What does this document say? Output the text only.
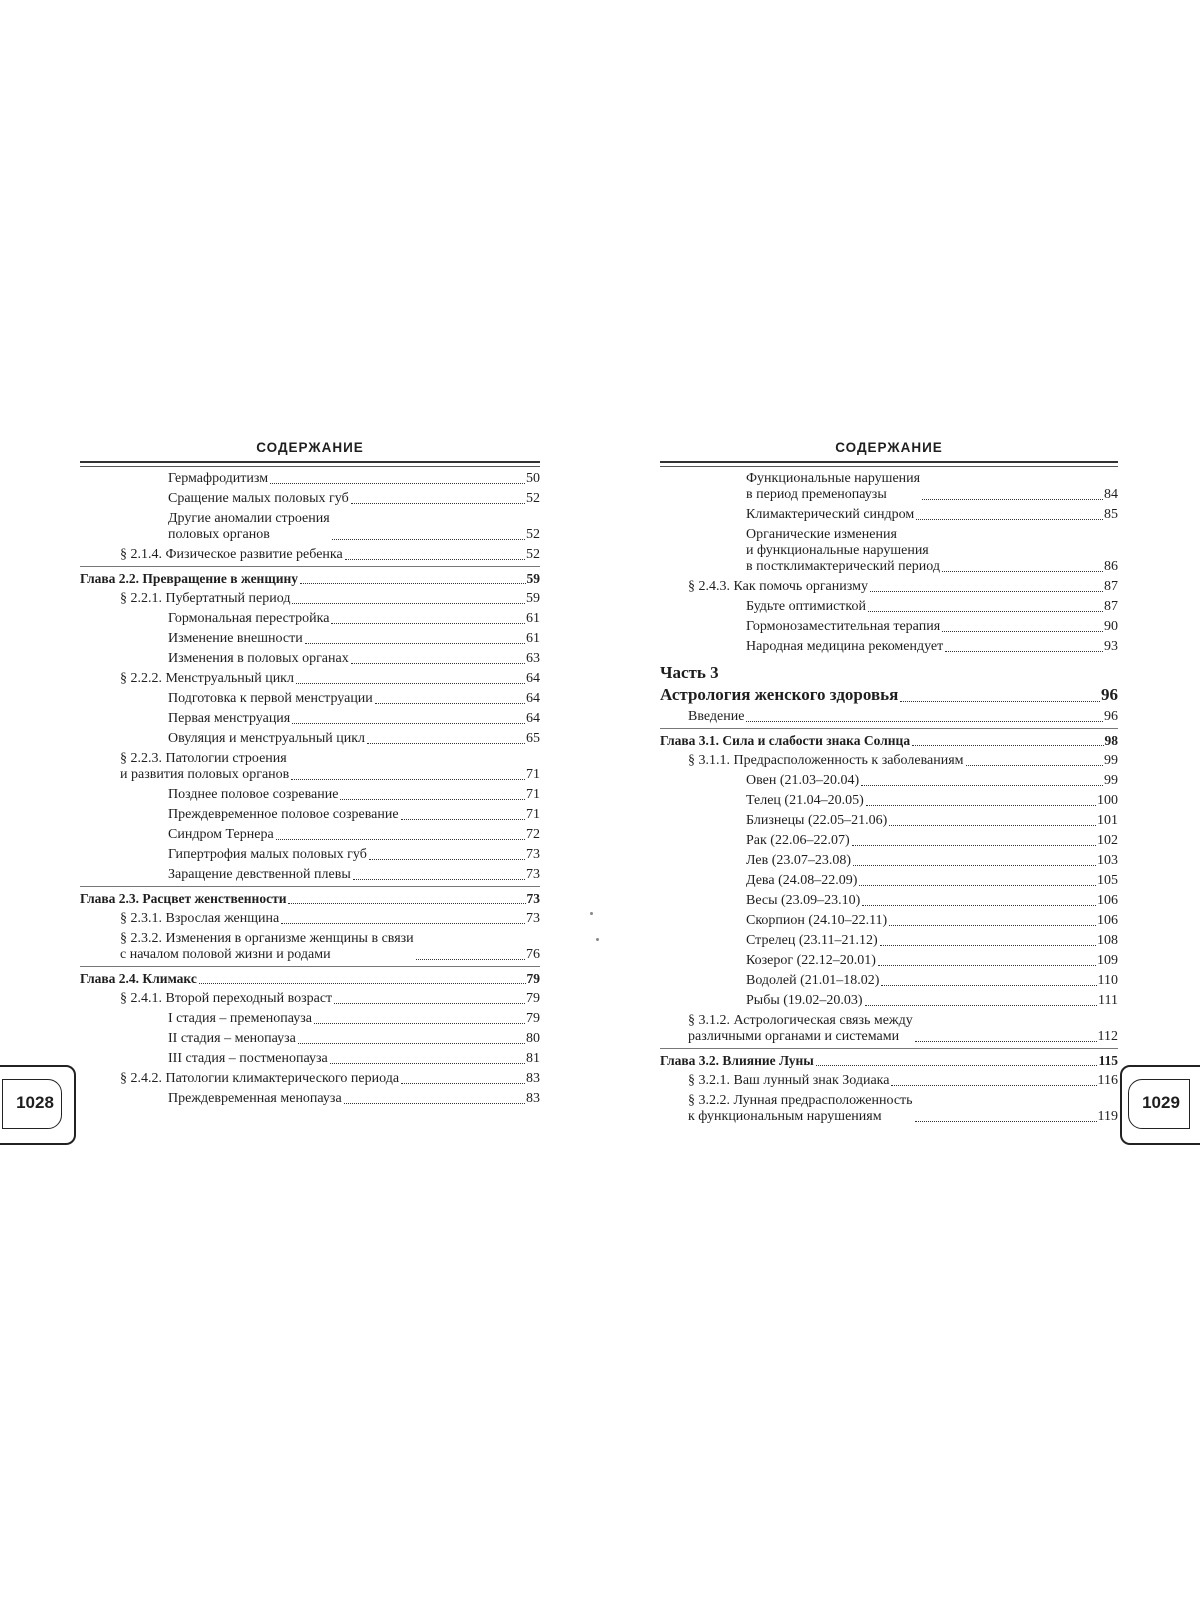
СОДЕРЖАНИЕ
Гермафродитизм	50
Сращение малых половых губ	52
Другие аномалии строения
половых органов	52
§ 2.1.4. Физическое развитие ребенка	52
Глава 2.2. Превращение в женщину	59
§ 2.2.1. Пубертатный период	59
Гормональная перестройка	61
Изменение внешности	61
Изменения в половых органах	63
§ 2.2.2. Менструальный цикл	64
Подготовка к первой менструации	64
Первая менструация	64
Овуляция и менструальный цикл	65
§ 2.2.3. Патологии строения
и развития половых органов	71
Позднее половое созревание	71
Преждевременное половое созревание	71
Синдром Тернера	72
Гипертрофия малых половых губ	73
Заращение девственной плевы	73
Глава 2.3. Расцвет женственности	73
§ 2.3.1. Взрослая женщина	73
§ 2.3.2. Изменения в организме женщины в связи
с началом половой жизни и родами	76
Глава 2.4. Климакс	79
§ 2.4.1. Второй переходный возраст	79
I стадия – пременопауза	79
II стадия – менопауза	80
III стадия – постменопауза	81
§ 2.4.2. Патологии климактерического периода	83
Преждевременная менопауза	83
СОДЕРЖАНИЕ
Функциональные нарушения
в период пременопаузы	84
Климактерический синдром	85
Органические изменения
и функциональные нарушения
в постклимактерический период	86
§ 2.4.3. Как помочь организму	87
Будьте оптимисткой	87
Гормонозаместительная терапия	90
Народная медицина рекомендует	93
Часть 3
Астрология женского здоровья	96
Введение	96
Глава 3.1. Сила и слабости знака Солнца	98
§ 3.1.1. Предрасположенность к заболеваниям	99
Овен (21.03–20.04)	99
Телец (21.04–20.05)	100
Близнецы (22.05–21.06)	101
Рак (22.06–22.07)	102
Лев (23.07–23.08)	103
Дева (24.08–22.09)	105
Весы (23.09–23.10)	106
Скорпион (24.10–22.11)	106
Стрелец (23.11–21.12)	108
Козерог (22.12–20.01)	109
Водолей (21.01–18.02)	110
Рыбы (19.02–20.03)	111
§ 3.1.2. Астрологическая связь между
различными органами и системами	112
Глава 3.2. Влияние Луны	115
§ 3.2.1. Ваш лунный знак Зодиака	116
§ 3.2.2. Лунная предрасположенность
к функциональным нарушениям	119
1028	1029
